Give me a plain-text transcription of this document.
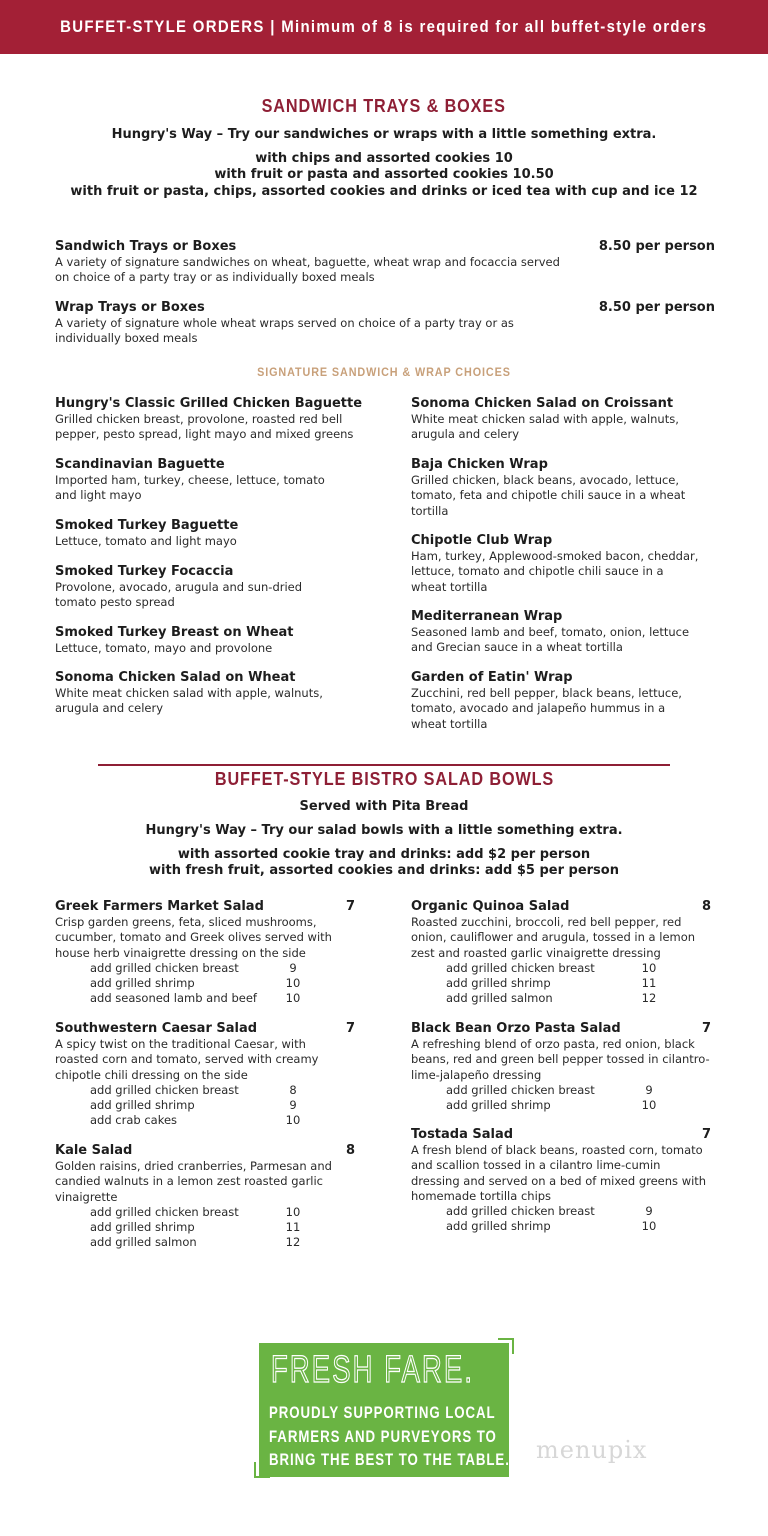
BUFFET-STYLE ORDERS | Minimum of 8 is required for all buffet-style orders
SANDWICH TRAYS & BOXES
Hungry's Way – Try our sandwiches or wraps with a little something extra.
with chips and assorted cookies 10
with fruit or pasta and assorted cookies 10.50
with fruit or pasta, chips, assorted cookies and drinks or iced tea with cup and ice 12
Sandwich Trays or Boxes	8.50 per person
A variety of signature sandwiches on wheat, baguette, wheat wrap and focaccia served on choice of a party tray or as individually boxed meals
Wrap Trays or Boxes	8.50 per person
A variety of signature whole wheat wraps served on choice of a party tray or as individually boxed meals
SIGNATURE SANDWICH & WRAP CHOICES
Hungry's Classic Grilled Chicken Baguette
Grilled chicken breast, provolone, roasted red bell pepper, pesto spread, light mayo and mixed greens
Scandinavian Baguette
Imported ham, turkey, cheese, lettuce, tomato and light mayo
Smoked Turkey Baguette
Lettuce, tomato and light mayo
Smoked Turkey Focaccia
Provolone, avocado, arugula and sun-dried tomato pesto spread
Smoked Turkey Breast on Wheat
Lettuce, tomato, mayo and provolone
Sonoma Chicken Salad on Wheat
White meat chicken salad with apple, walnuts, arugula and celery
Sonoma Chicken Salad on Croissant
White meat chicken salad with apple, walnuts, arugula and celery
Baja Chicken Wrap
Grilled chicken, black beans, avocado, lettuce, tomato, feta and chipotle chili sauce in a wheat tortilla
Chipotle Club Wrap
Ham, turkey, Applewood-smoked bacon, cheddar, lettuce, tomato and chipotle chili sauce in a wheat tortilla
Mediterranean Wrap
Seasoned lamb and beef, tomato, onion, lettuce and Grecian sauce in a wheat tortilla
Garden of Eatin' Wrap
Zucchini, red bell pepper, black beans, lettuce, tomato, avocado and jalapeño hummus in a wheat tortilla
BUFFET-STYLE BISTRO SALAD BOWLS
Served with Pita Bread
Hungry's Way – Try our salad bowls with a little something extra.
with assorted cookie tray and drinks: add $2 per person
with fresh fruit, assorted cookies and drinks: add $5 per person
Greek Farmers Market Salad	7
Crisp garden greens, feta, sliced mushrooms, cucumber, tomato and Greek olives served with house herb vinaigrette dressing on the side
add grilled chicken breast	9
add grilled shrimp	10
add seasoned lamb and beef	10
Southwestern Caesar Salad	7
A spicy twist on the traditional Caesar, with roasted corn and tomato, served with creamy chipotle chili dressing on the side
add grilled chicken breast	8
add grilled shrimp	9
add crab cakes	10
Kale Salad	8
Golden raisins, dried cranberries, Parmesan and candied walnuts in a lemon zest roasted garlic vinaigrette
add grilled chicken breast	10
add grilled shrimp	11
add grilled salmon	12
Organic Quinoa Salad	8
Roasted zucchini, broccoli, red bell pepper, red onion, cauliflower and arugula, tossed in a lemon zest and roasted garlic vinaigrette dressing
add grilled chicken breast	10
add grilled shrimp	11
add grilled salmon	12
Black Bean Orzo Pasta Salad	7
A refreshing blend of orzo pasta, red onion, black beans, red and green bell pepper tossed in cilantro-lime-jalapeño dressing
add grilled chicken breast	9
add grilled shrimp	10
Tostada Salad	7
A fresh blend of black beans, roasted corn, tomato and scallion tossed in a cilantro lime-cumin dressing and served on a bed of mixed greens with homemade tortilla chips
add grilled chicken breast	9
add grilled shrimp	10
FRESH FARE.
PROUDLY SUPPORTING LOCAL
FARMERS AND PURVEYORS TO
BRING THE BEST TO THE TABLE. menupix
